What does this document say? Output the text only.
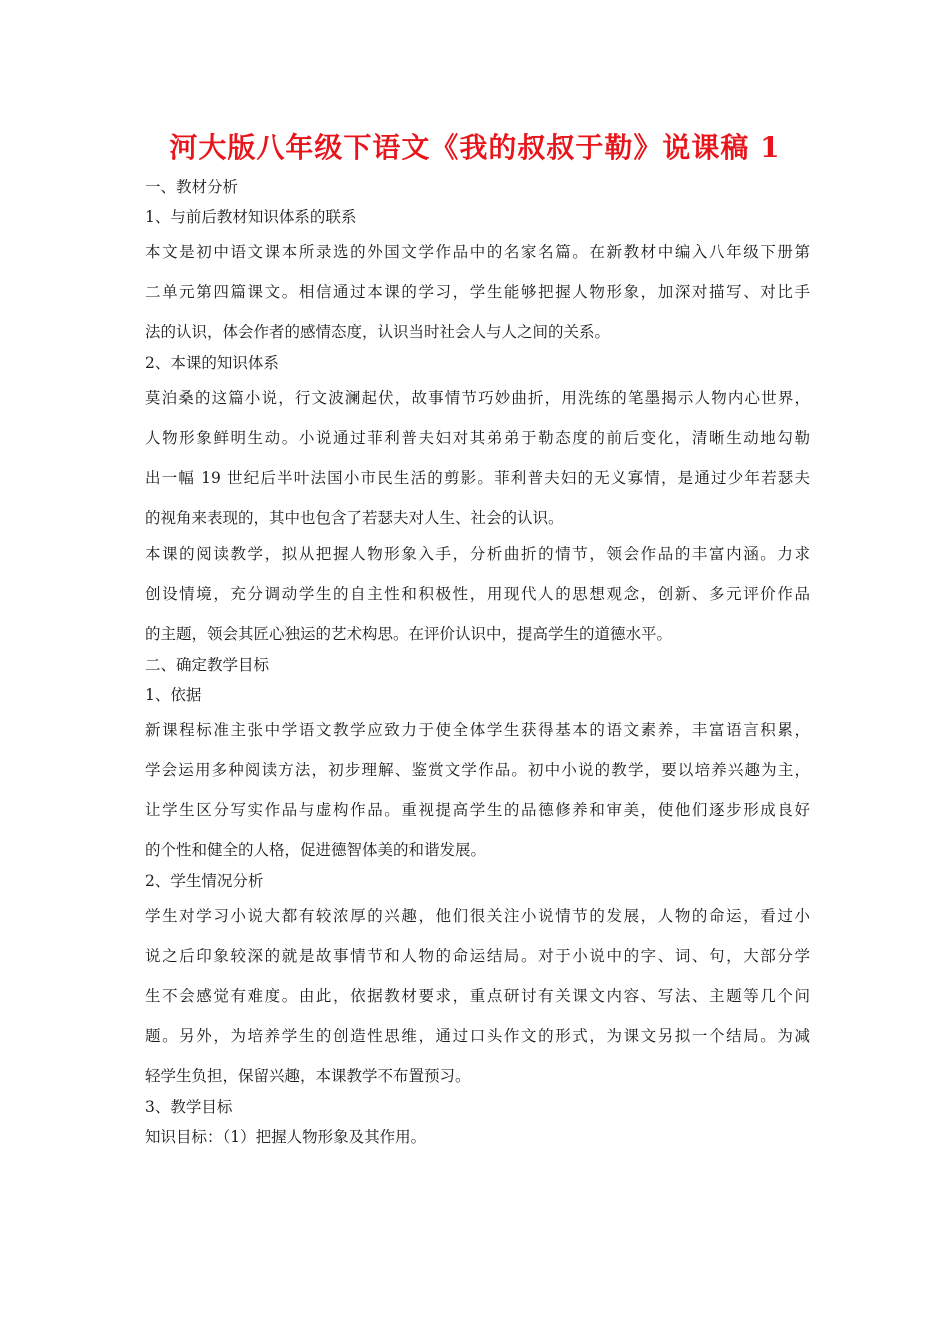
河大版八年级下语文《我的叔叔于勒》说课稿 1
一、教材分析
1、与前后教材知识体系的联系
本文是初中语文课本所录选的外国文学作品中的名家名篇。在新教材中编入八年级下册第
二单元第四篇课文。相信通过本课的学习，学生能够把握人物形象，加深对描写、对比手
法的认识，体会作者的感情态度，认识当时社会人与人之间的关系。
2、本课的知识体系
莫泊桑的这篇小说，行文波澜起伏，故事情节巧妙曲折，用洗练的笔墨揭示人物内心世界，
人物形象鲜明生动。小说通过菲利普夫妇对其弟弟于勒态度的前后变化，清晰生动地勾勒
出一幅 19 世纪后半叶法国小市民生活的剪影。菲利普夫妇的无义寡情，是通过少年若瑟夫
的视角来表现的，其中也包含了若瑟夫对人生、社会的认识。
本课的阅读教学，拟从把握人物形象入手，分析曲折的情节，领会作品的丰富内涵。力求
创设情境，充分调动学生的自主性和积极性，用现代人的思想观念，创新、多元评价作品
的主题，领会其匠心独运的艺术构思。在评价认识中，提高学生的道德水平。
二、确定教学目标
1、依据
新课程标准主张中学语文教学应致力于使全体学生获得基本的语文素养，丰富语言积累，
学会运用多种阅读方法，初步理解、鉴赏文学作品。初中小说的教学，要以培养兴趣为主，
让学生区分写实作品与虚构作品。重视提高学生的品德修养和审美，使他们逐步形成良好
的个性和健全的人格，促进德智体美的和谐发展。
2、学生情况分析
学生对学习小说大都有较浓厚的兴趣，他们很关注小说情节的发展，人物的命运，看过小
说之后印象较深的就是故事情节和人物的命运结局。对于小说中的字、词、句，大部分学
生不会感觉有难度。由此，依据教材要求，重点研讨有关课文内容、写法、主题等几个问
题。另外，为培养学生的创造性思维，通过口头作文的形式，为课文另拟一个结局。为减
轻学生负担，保留兴趣，本课教学不布置预习。
3、教学目标
知识目标：（1）把握人物形象及其作用。
